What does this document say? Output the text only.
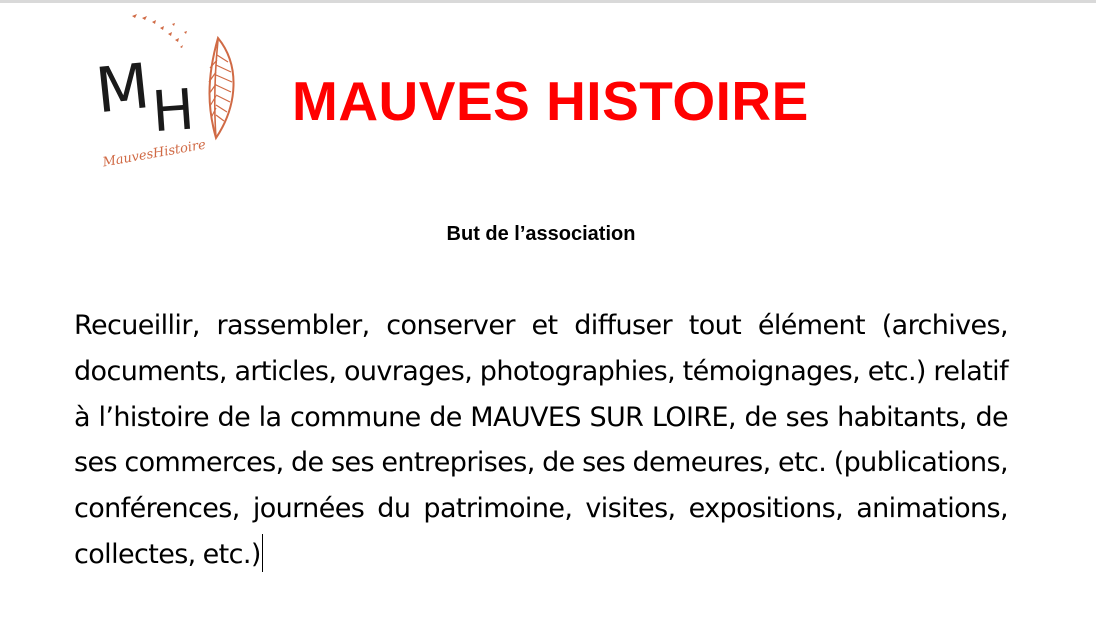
M
H
MauvesHistoire
MAUVES HISTOIRE
But de l’association

Recueillir, rassembler, conserver et diffuser tout élément (archives, documents, articles, ouvrages, photographies, témoignages, etc.) relatif à l’histoire de la commune de MAUVES SUR LOIRE, de ses habitants, de ses commerces, de ses entreprises, de ses demeures, etc. (publications, conférences, journées du patrimoine, visites, expositions, animations, collectes, etc.)
